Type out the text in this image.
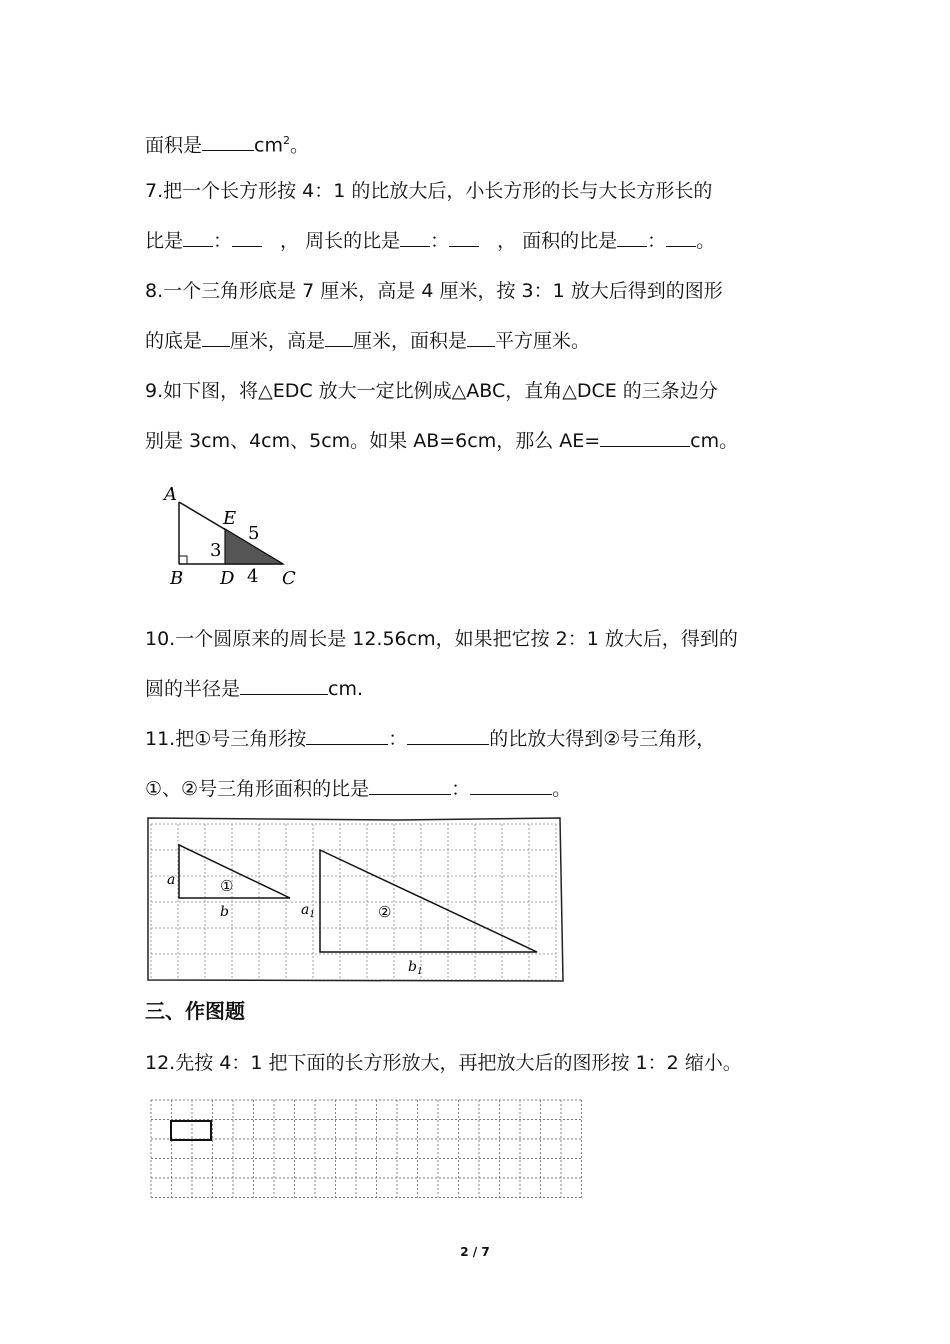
面积是	$cm^2$。
7.把一个长方形按 4：1 的比放大后，小长方形的长与大长方形长的
比是 ：	， 周长的比是 ：	， 面积的比是 ： 。
8.一个三角形底是 7 厘米，高是 4 厘米，按 3：1 放大后得到的图形
的底是 厘米，高是 厘米，面积是 平方厘米。
9.如下图，将△EDC 放大一定比例成△ABC，直角△DCE 的三条边分
别是 3cm、4cm、5cm。如果 AB=6cm，那么 AE=	cm。
A
E
5
3
B D 4 C
10.一个圆原来的周长是 12.56cm，如果把它按 2：1 放大后，得到的
圆的半径是	cm.
11.把①号三角形按	：	的比放大得到②号三角形，
①、②号三角形面积的比是	：	。
a	①
b	$a_1$	②
$b_1$
三、作图题
12.先按 4：1 把下面的长方形放大，再把放大后的图形按 1：2 缩小。
2 / 7
